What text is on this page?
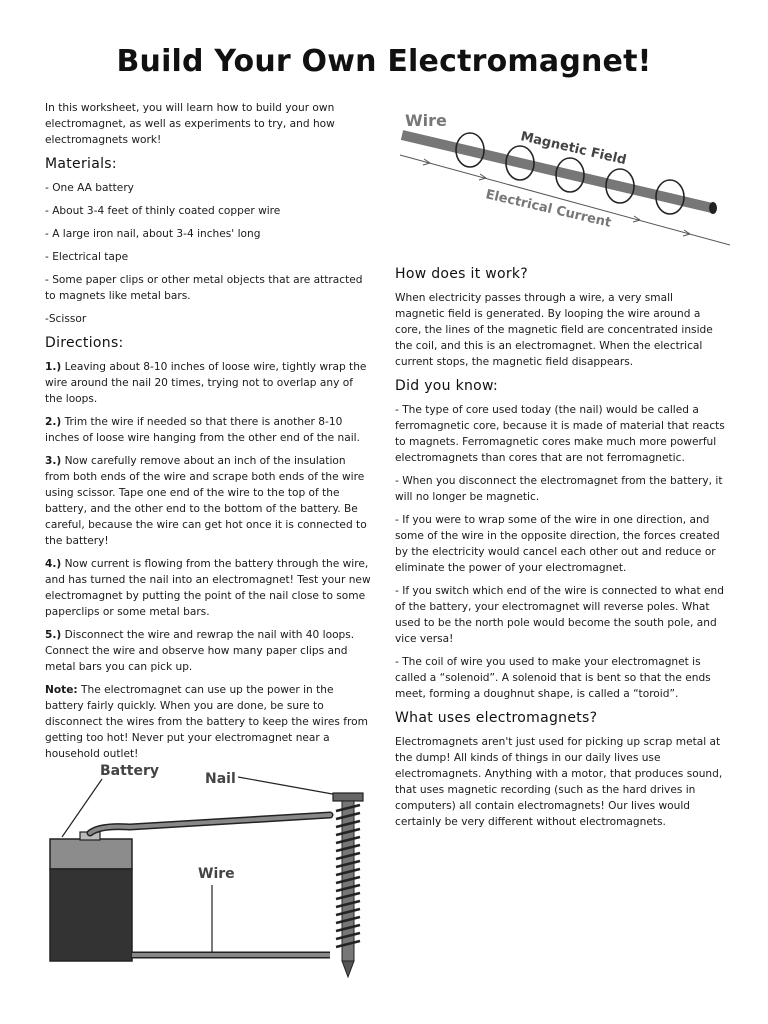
Build Your Own Electromagnet!

In this worksheet, you will learn how to build your own electromagnet, as well as experiments to try, and how electromagnets work!

Materials:
- One AA battery
- About 3-4 feet of thinly coated copper wire
- A large iron nail, about 3-4 inches' long
- Electrical tape
- Some paper clips or other metal objects that are attracted to magnets like metal bars.
-Scissor
Directions:
1.) Leaving about 8-10 inches of loose wire, tightly wrap the wire around the nail 20 times, trying not to overlap any of the loops.
2.) Trim the wire if needed so that there is another 8-10 inches of loose wire hanging from the other end of the nail.
3.) Now carefully remove about an inch of the insulation from both ends of the wire and scrape both ends of the wire using scissor. Tape one end of the wire to the top of the battery, and the other end to the bottom of the battery. Be careful, because the wire can get hot once it is connected to the battery!
4.) Now current is flowing from the battery through the wire, and has turned the nail into an electromagnet! Test your new electromagnet by putting the point of the nail close to some paperclips or some metal bars.
5.) Disconnect the wire and rewrap the nail with 40 loops. Connect the wire and observe how many paper clips and metal bars you can pick up.
Note: The electromagnet can use up the power in the battery fairly quickly. When you are done, be sure to disconnect the wires from the battery to keep the wires from getting too hot! Never put your electromagnet near a household outlet!
Wire
Magnetic Field
Electrical Current
How does it work?

When electricity passes through a wire, a very small magnetic field is generated. By looping the wire around a core, the lines of the magnetic field are concentrated inside the coil, and this is an electromagnet. When the electrical current stops, the magnetic field disappears.

Did you know:
- The type of core used today (the nail) would be called a ferromagnetic core, because it is made of material that reacts to magnets. Ferromagnetic cores make much more powerful electromagnets than cores that are not ferromagnetic.
- When you disconnect the electromagnet from the battery, it will no longer be magnetic.
- If you were to wrap some of the wire in one direction, and some of the wire in the opposite direction, the forces created by the electricity would cancel each other out and reduce or eliminate the power of your electromagnet.
- If you switch which end of the wire is connected to what end of the battery, your electromagnet will reverse poles. What used to be the north pole would become the south pole, and vice versa!
- The coil of wire you used to make your electromagnet is called a “solenoid”. A solenoid that is bent so that the ends meet, forming a doughnut shape, is called a “toroid”.
What uses electromagnets?

Electromagnets aren't just used for picking up scrap metal at the dump! All kinds of things in our daily lives use electromagnets. Anything with a motor, that produces sound, that uses magnetic recording (such as the hard drives in computers) all contain electromagnets! Our lives would certainly be very different without electromagnets.

Battery	Nail
Wire
